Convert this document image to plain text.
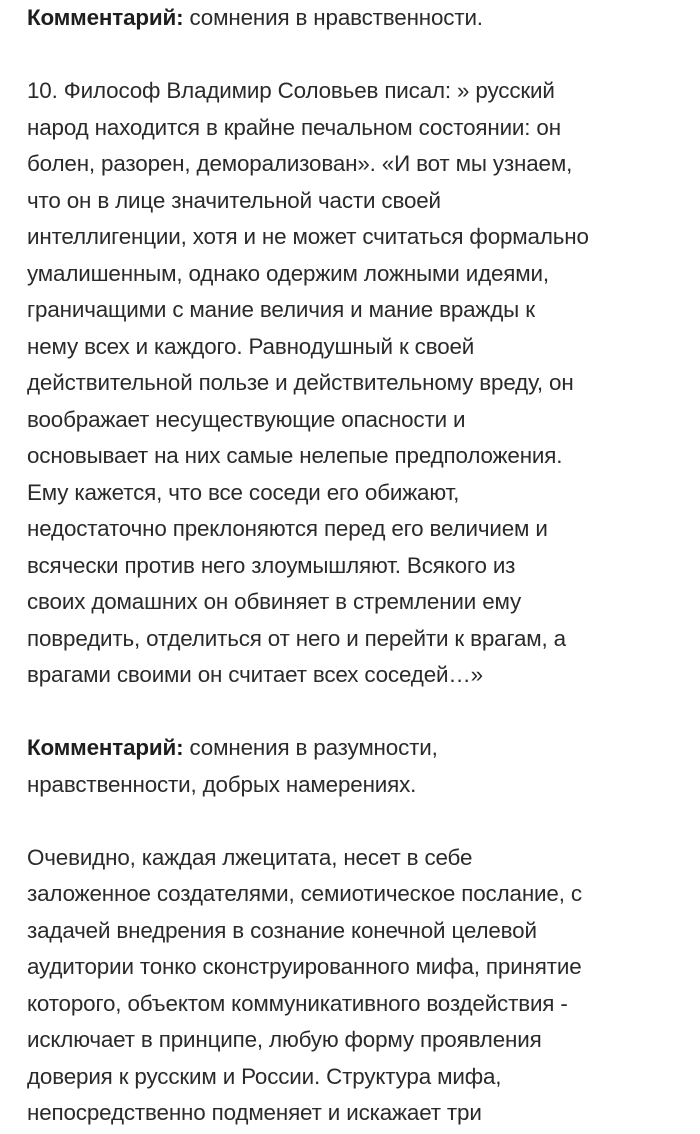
Комментарий: сомнения в нравственности.

10. Философ Владимир Соловьев писал: » русский
народ находится в крайне печальном состоянии: он
болен, разорен, деморализован». «И вот мы узнаем,
что он в лице значительной части своей
интеллигенции, хотя и не может считаться формально
умалишенным, однако одержим ложными идеями,
граничащими с мание величия и мание вражды к
нему всех и каждого. Равнодушный к своей
действительной пользе и действительному вреду, он
воображает несуществующие опасности и
основывает на них самые нелепые предположения.
Ему кажется, что все соседи его обижают,
недостаточно преклоняются перед его величием и
всячески против него злоумышляют. Всякого из
своих домашних он обвиняет в стремлении ему
повредить, отделиться от него и перейти к врагам, а
врагами своими он считает всех соседей…»

Комментарий: сомнения в разумности,
нравственности, добрых намерениях.

Очевидно, каждая лжецитата, несет в себе
заложенное создателями, семиотическое послание, с
задачей внедрения в сознание конечной целевой
аудитории тонко сконструированного мифа, принятие
которого, объектом коммуникативного воздействия -
исключает в принципе, любую форму проявления
доверия к русским и России. Структура мифа,
непосредственно подменяет и искажает три
